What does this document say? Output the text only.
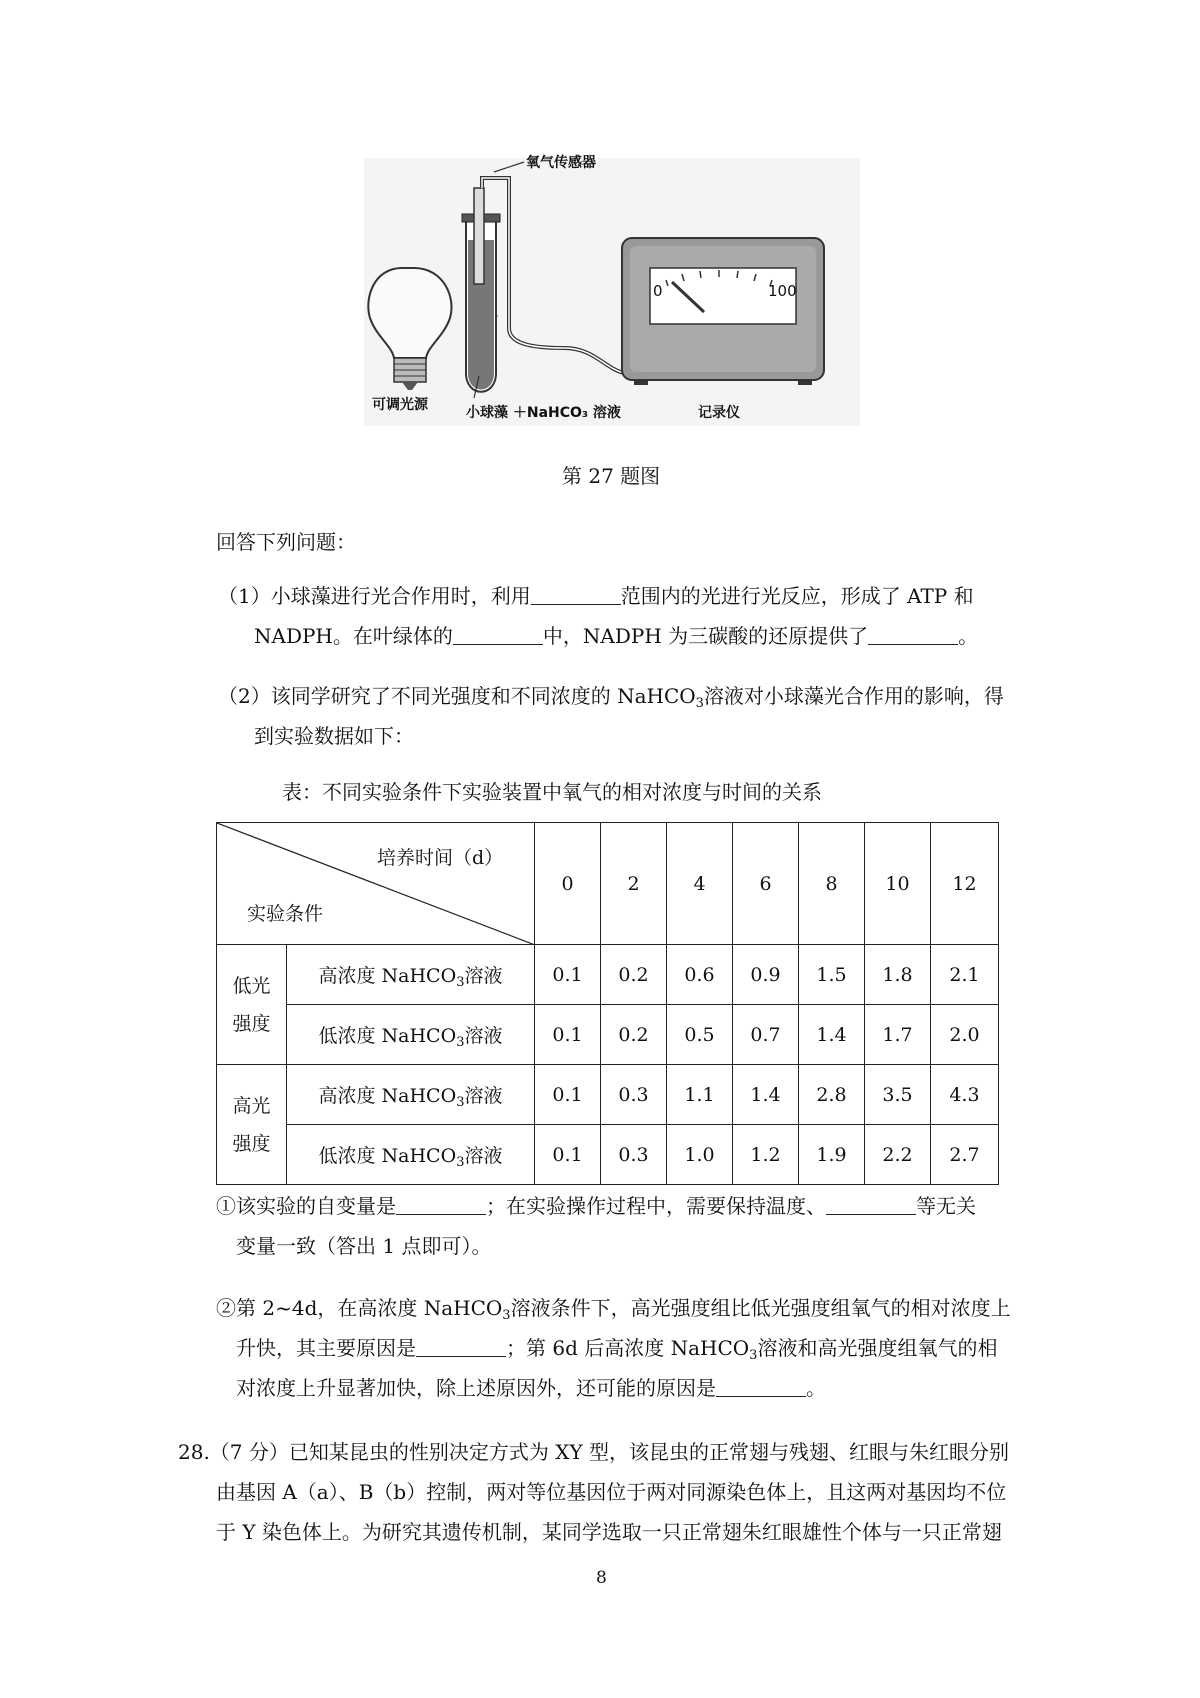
氧气传感器
0	100
可调光源	小球藻 ＋NaHCO₃ 溶液	记录仪
第 27 题图
回答下列问题：
（1）小球藻进行光合作用时，利用	范围内的光进行光反应，形成了 ATP 和
NADPH。在叶绿体的	中，NADPH 为三碳酸的还原提供了	。
（2）该同学研究了不同光强度和不同浓度的 NaHCO$_3$溶液对小球藻光合作用的影响，得
到实验数据如下：
表：不同实验条件下实验装置中氧气的相对浓度与时间的关系
培养时间（d）
实验条件		0	2	4	6	8	10	12
低光强度	高浓度 NaHCO$_3$溶液	0.1	0.2	0.6	0.9	1.5	1.8	2.1
	低浓度 NaHCO$_3$溶液	0.1	0.2	0.5	0.7	1.4	1.7	2.0
高光强度	高浓度 NaHCO$_3$溶液	0.1	0.3	1.1	1.4	2.8	3.5	4.3
	低浓度 NaHCO$_3$溶液	0.1	0.3	1.0	1.2	1.9	2.2	2.7
①该实验的自变量是	；在实验操作过程中，需要保持温度、	等无关
变量一致（答出 1 点即可）。
②第 2~4d，在高浓度 NaHCO$_3$溶液条件下，高光强度组比低光强度组氧气的相对浓度上
升快，其主要原因是	；第 6d 后高浓度 NaHCO$_3$溶液和高光强度组氧气的相
对浓度上升显著加快，除上述原因外，还可能的原因是	。
28.（7 分）已知某昆虫的性别决定方式为 XY 型，该昆虫的正常翅与残翅、红眼与朱红眼分别
由基因 A（a）、B（b）控制，两对等位基因位于两对同源染色体上，且这两对基因均不位
于 Y 染色体上。为研究其遗传机制，某同学选取一只正常翅朱红眼雄性个体与一只正常翅
8
